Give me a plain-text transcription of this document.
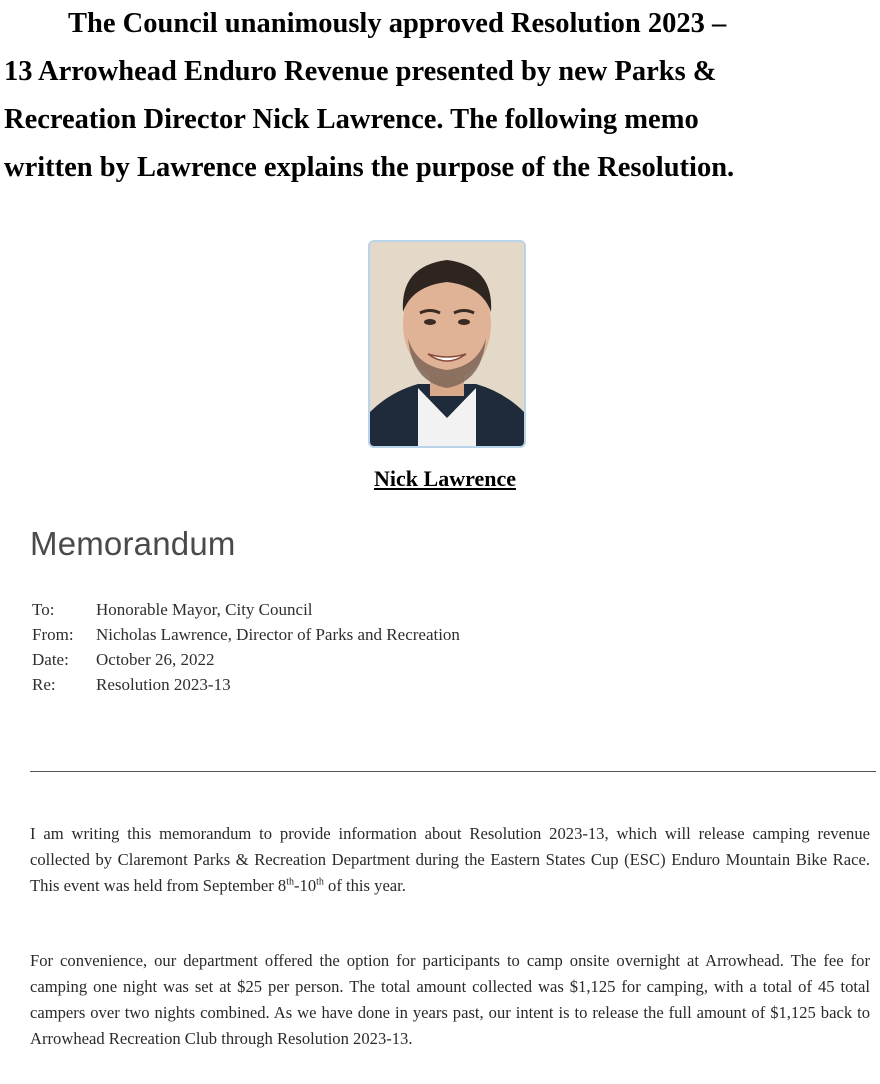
The Council unanimously approved Resolution 2023 –
13 Arrowhead Enduro Revenue presented by new Parks &
Recreation Director Nick Lawrence. The following memo
written by Lawrence explains the purpose of the Resolution.
Nick Lawrence
Memorandum
To:	Honorable Mayor, City Council
From:	Nicholas Lawrence, Director of Parks and Recreation
Date:	October 26, 2022
Re:	Resolution 2023-13

I am writing this memorandum to provide information about Resolution 2023-13, which will release camping revenue collected by Claremont Parks & Recreation Department during the Eastern States Cup (ESC) Enduro Mountain Bike Race. This event was held from September 8th-10th of this year.

For convenience, our department offered the option for participants to camp onsite overnight at Arrowhead. The fee for camping one night was set at $25 per person. The total amount collected was $1,125 for camping, with a total of 45 total campers over two nights combined. As we have done in years past, our intent is to release the full amount of $1,125 back to Arrowhead Recreation Club through Resolution 2023-13.
